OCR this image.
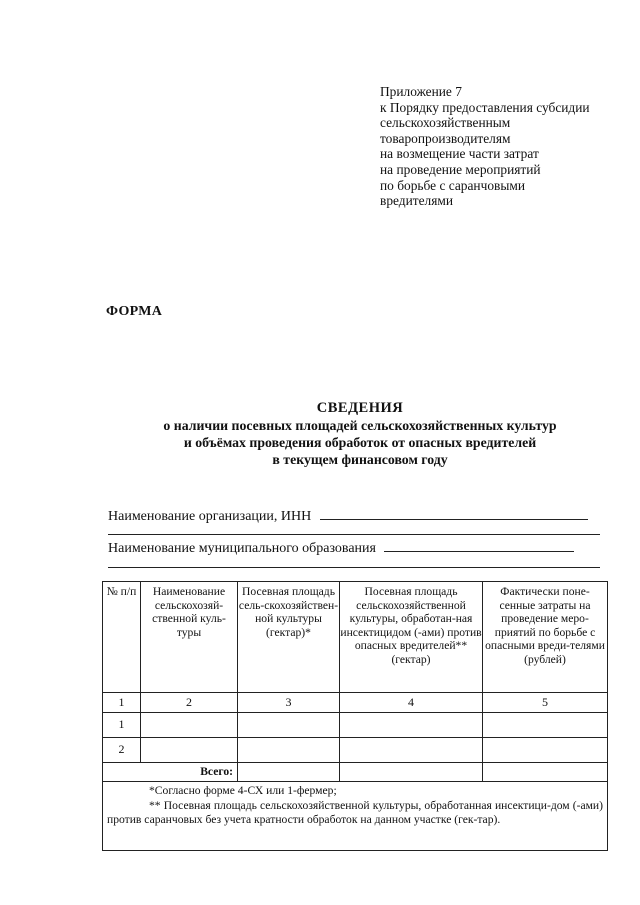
Приложение 7
к Порядку предоставления субсидии
сельскохозяйственным
товаропроизводителям
на возмещение части затрат
на проведение мероприятий
по борьбе с саранчовыми
вредителями
ФОРМА
СВЕДЕНИЯ
о наличии посевных площадей сельскохозяйственных культур
и объёмах проведения обработок от опасных вредителей
в текущем финансовом году
Наименование организации, ИНН
Наименование муниципального образования
№ п/п	Наименование сельскохозяй-ственной куль-туры	Посевная площадь сель-скохозяйствен-ной культуры (гектар)*	Посевная площадь сельскохозяйственной культуры, обработан-ная инсектицидом (-ами) против опасных вредителей** (гектар)	Фактически поне-сенные затраты на проведение меро-приятий по борьбе с опасными вреди-телями (рублей)
1	2	3	4	5
1				
2				
Всего:				

*Согласно форме 4-СХ или 1-фермер;
** Посевная площадь сельскохозяйственной культуры, обработанная инсектици-дом (-ами) против саранчовых без учета кратности обработок на данном участке (гек-тар).				
